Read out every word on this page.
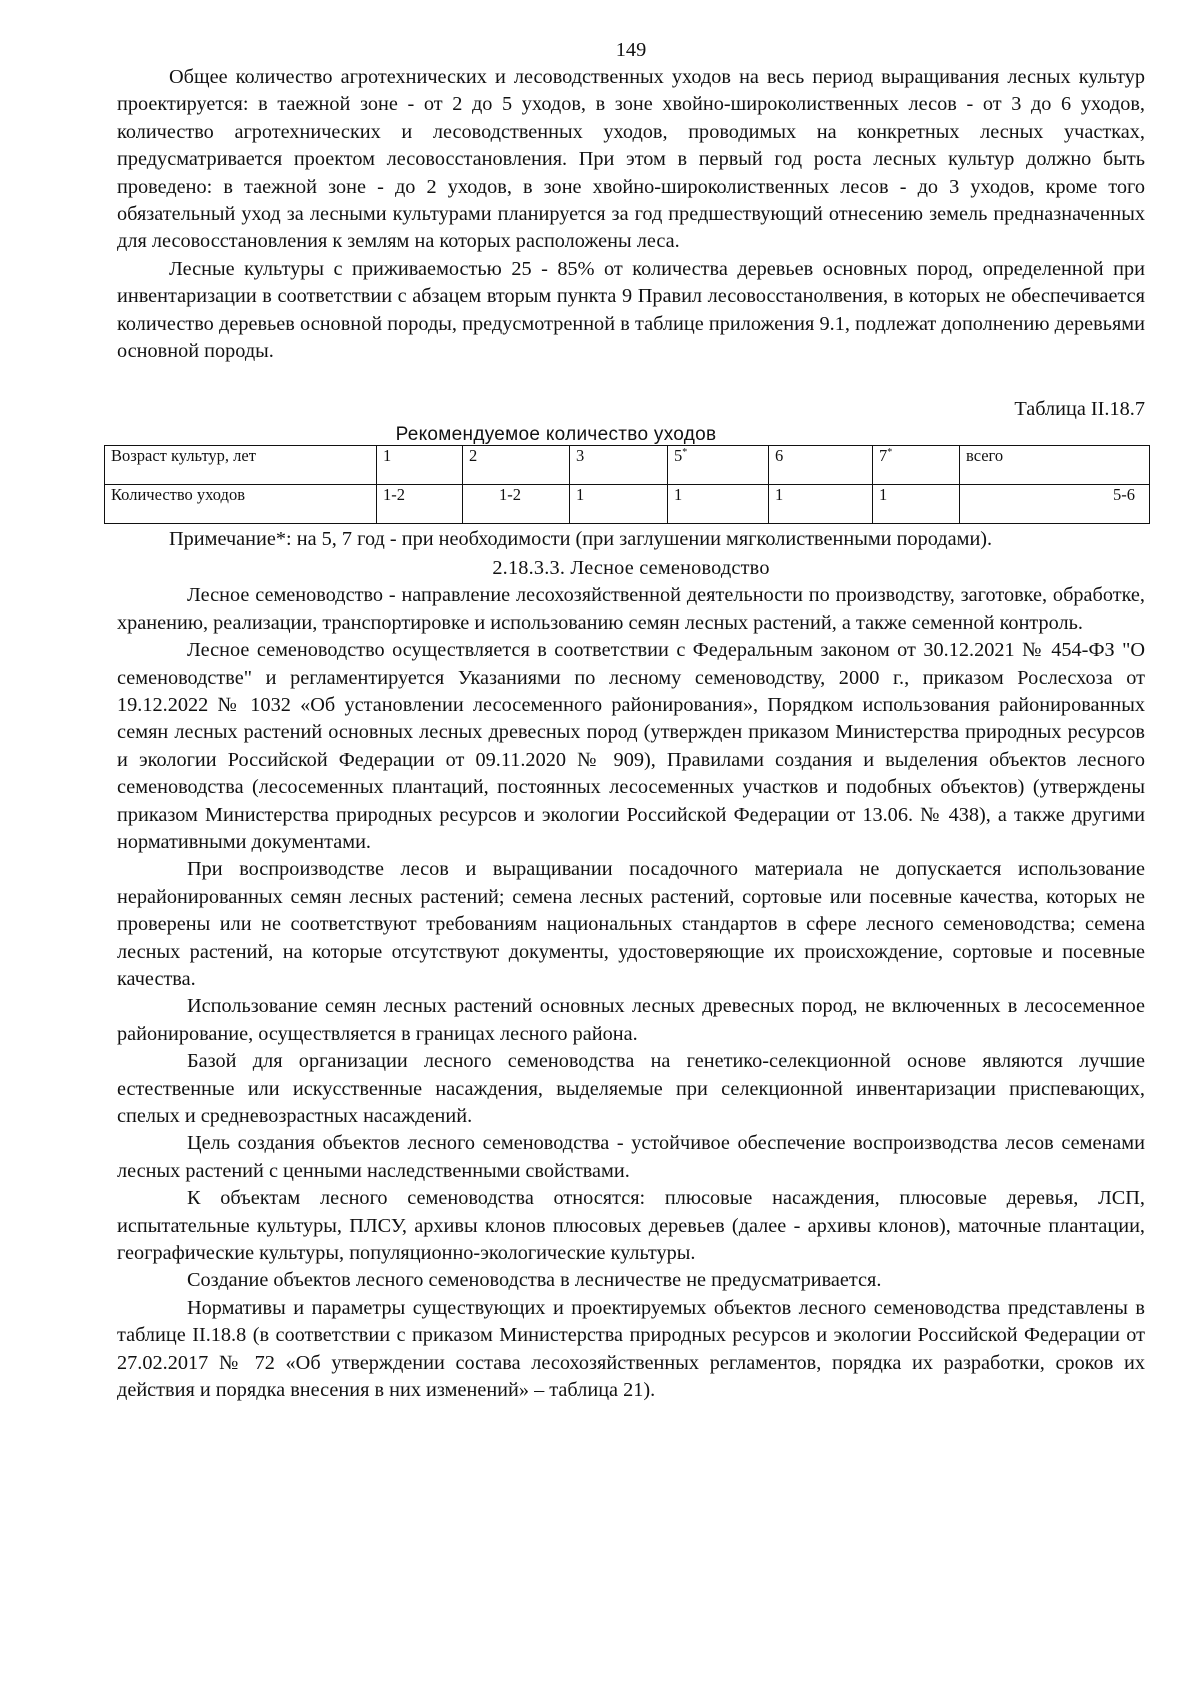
149

Общее количество агротехнических и лесоводственных уходов на весь период выращивания лесных культур проектируется: в таежной зоне - от 2 до 5 уходов, в зоне хвойно-широколиственных лесов - от 3 до 6 уходов, количество агротехнических и лесоводственных уходов, проводимых на конкретных лесных участках, предусматривается проектом лесовосстановления. При этом в первый год роста лесных культур должно быть проведено: в таежной зоне - до 2 уходов, в зоне хвойно-широколиственных лесов - до 3 уходов, кроме того обязательный уход за лесными культурами планируется за год предшествующий отнесению земель предназначенных для лесовосстановления к землям на которых расположены леса.

Лесные культуры с приживаемостью 25 - 85% от количества деревьев основных пород, определенной при инвентаризации в соответствии с абзацем вторым пункта 9 Правил лесовосстанолвения, в которых не обеспечивается количество деревьев основной породы, предусмотренной в таблице приложения 9.1, подлежат дополнению деревьями основной породы.

Таблица II.18.7
Рекомендуемое количество уходов
Возраст культур, лет	1	2	3	5*	6	7*	всего
Количество уходов	1-2	1-2	1	1	1	1	5-6

Примечание*: на 5, 7 год - при необходимости (при заглушении мягколиственными породами).

2.18.3.3. Лесное семеноводство

Лесное семеноводство - направление лесохозяйственной деятельности по производству, заготовке, обработке, хранению, реализации, транспортировке и использованию семян лесных растений, а также семенной контроль.

Лесное семеноводство осуществляется в соответствии с Федеральным законом от 30.12.2021 № 454-ФЗ "О семеноводстве" и регламентируется Указаниями по лесному семеноводству, 2000 г., приказом Рослесхоза от 19.12.2022 № 1032 «Об установлении лесосеменного районирования», Порядком использования районированных семян лесных растений основных лесных древесных пород (утвержден приказом Министерства природных ресурсов и экологии Российской Федерации от 09.11.2020 № 909), Правилами создания и выделения объектов лесного семеноводства (лесосеменных плантаций, постоянных лесосеменных участков и подобных объектов) (утверждены приказом Министерства природных ресурсов и экологии Российской Федерации от 13.06. № 438), а также другими нормативными документами.

При воспроизводстве лесов и выращивании посадочного материала не допускается использование нерайонированных семян лесных растений; семена лесных растений, сортовые или посевные качества, которых не проверены или не соответствуют требованиям национальных стандартов в сфере лесного семеноводства; семена лесных растений, на которые отсутствуют документы, удостоверяющие их происхождение, сортовые и посевные качества.

Использование семян лесных растений основных лесных древесных пород, не включенных в лесосеменное районирование, осуществляется в границах лесного района.

Базой для организации лесного семеноводства на генетико-селекционной основе являются лучшие естественные или искусственные насаждения, выделяемые при селекционной инвентаризации приспевающих, спелых и средневозрастных насаждений.

Цель создания объектов лесного семеноводства - устойчивое обеспечение воспроизводства лесов семенами лесных растений с ценными наследственными свойствами.

К объектам лесного семеноводства относятся: плюсовые насаждения, плюсовые деревья, ЛСП, испытательные культуры, ПЛСУ, архивы клонов плюсовых деревьев (далее - архивы клонов), маточные плантации, географические культуры, популяционно-экологические культуры.

Создание объектов лесного семеноводства в лесничестве не предусматривается.

Нормативы и параметры существующих и проектируемых объектов лесного семеноводства представлены в таблице II.18.8 (в соответствии с приказом Министерства природных ресурсов и экологии Российской Федерации от 27.02.2017 № 72 «Об утверждении состава лесохозяйственных регламентов, порядка их разработки, сроков их действия и порядка внесения в них изменений» – таблица 21).
